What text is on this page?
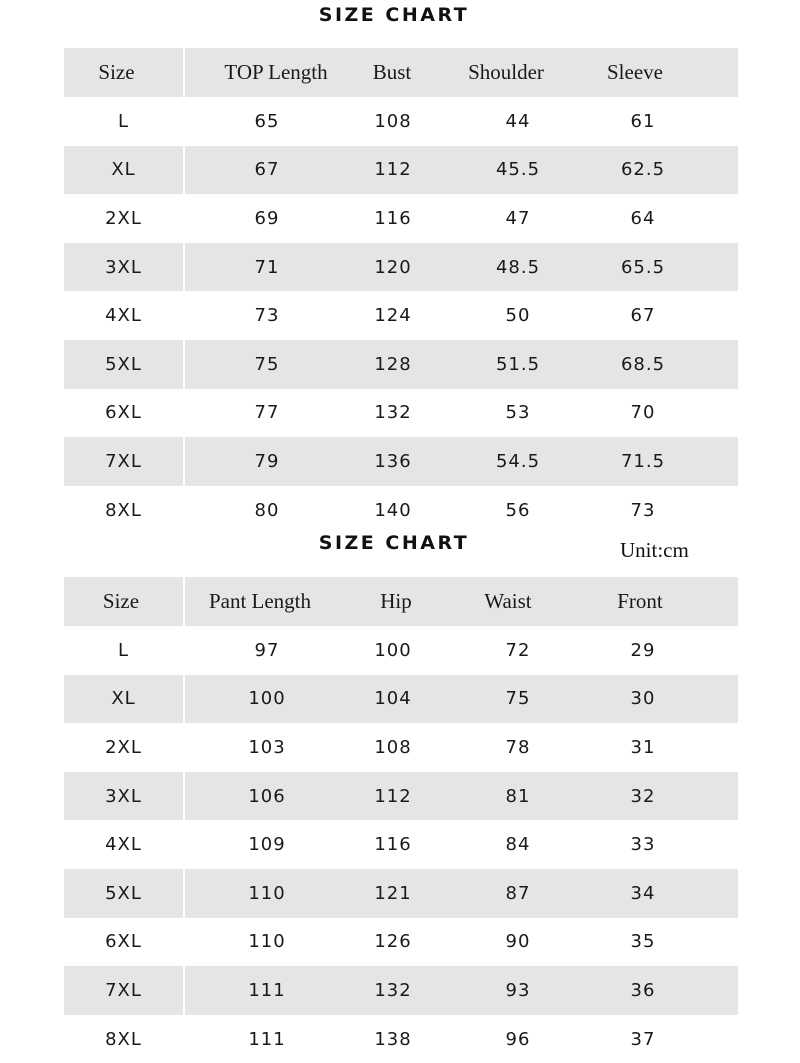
SIZE CHART
Size	TOP Length	Bust	Shoulder	Sleeve
L	65	108	44	61
XL	67	112	45.5	62.5
2XL	69	116	47	64
3XL	71	120	48.5	65.5
4XL	73	124	50	67
5XL	75	128	51.5	68.5
6XL	77	132	53	70
7XL	79	136	54.5	71.5
8XL	80	140	56	73
SIZE CHART	Unit:cm
Size	Pant Length	Hip	Waist	Front
L	97	100	72	29
XL	100	104	75	30
2XL	103	108	78	31
3XL	106	112	81	32
4XL	109	116	84	33
5XL	110	121	87	34
6XL	110	126	90	35
7XL	111	132	93	36
8XL	111	138	96	37
